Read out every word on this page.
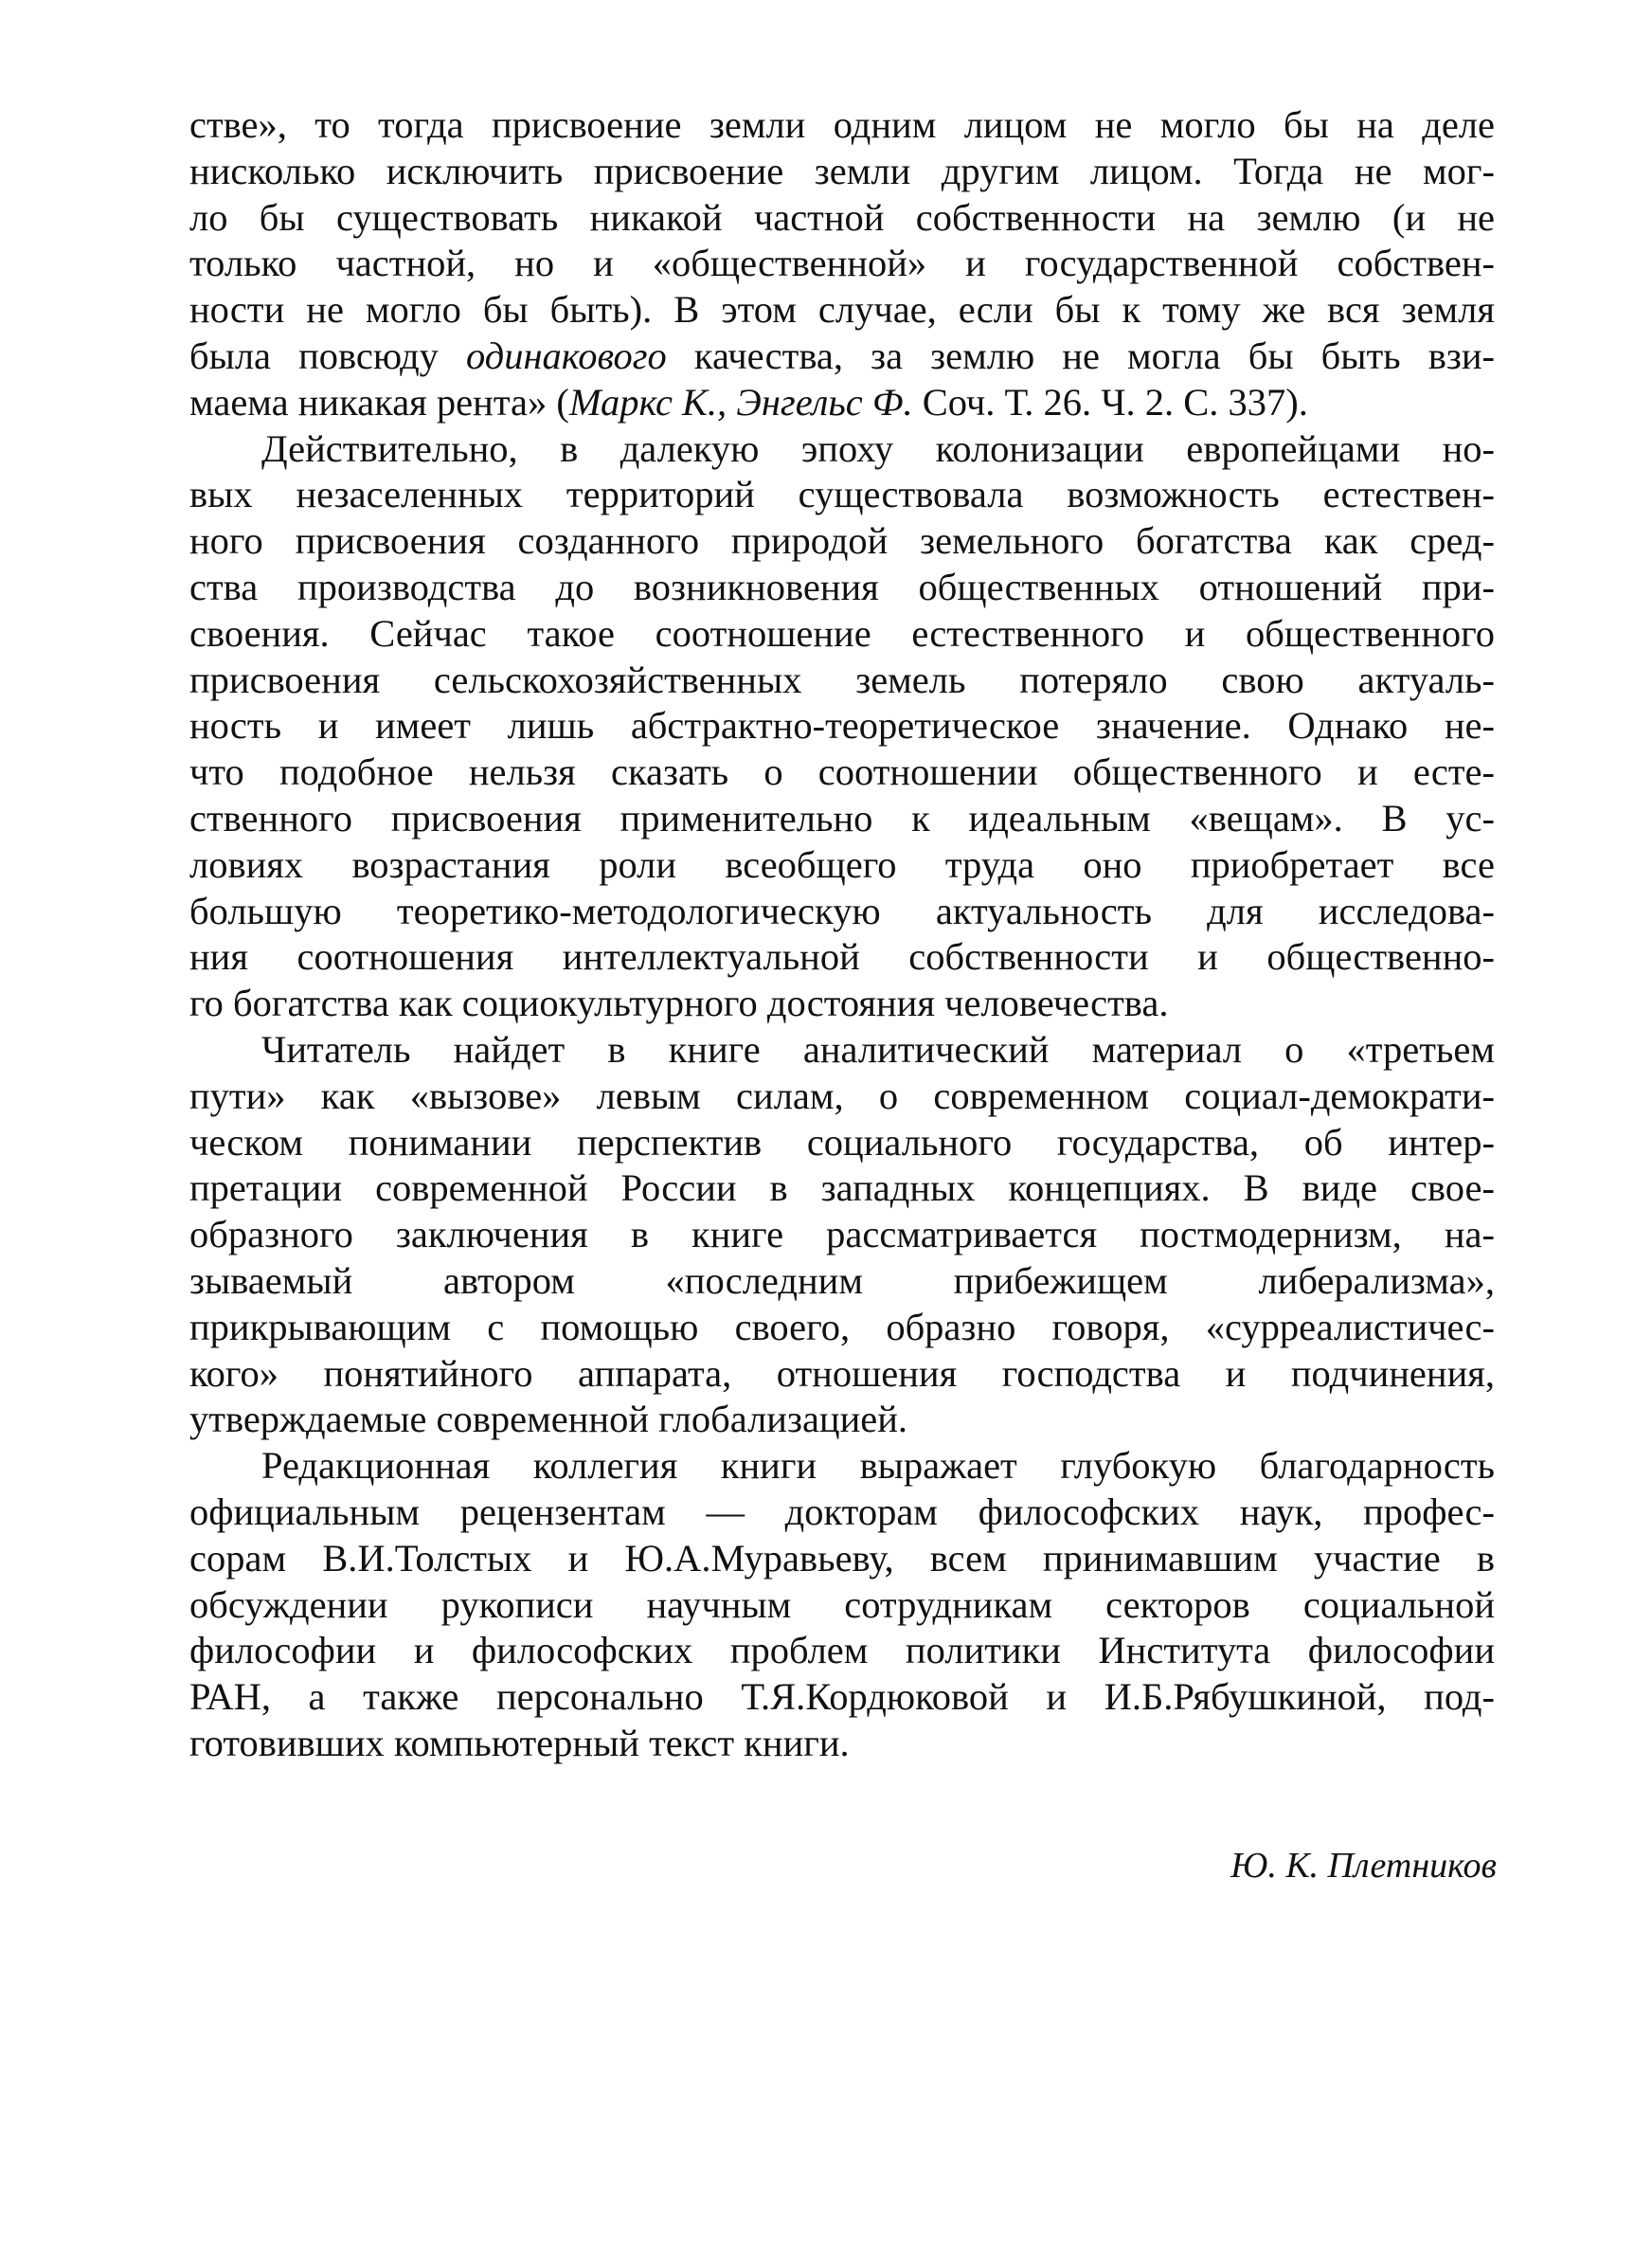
стве», то тогда присвоение земли одним лицом не могло бы на деле
нисколько исключить присвоение земли другим лицом. Тогда не мог-
ло бы существовать никакой частной собственности на землю (и не
только частной, но и «общественной» и государственной собствен-
ности не могло бы быть). В этом случае, если бы к тому же вся земля
была повсюду одинакового качества, за землю не могла бы быть взи-
маема никакая рента» (Маркс К., Энгельс Ф. Соч. Т. 26. Ч. 2. С. 337).
Действительно, в далекую эпоху колонизации европейцами но-
вых незаселенных территорий существовала возможность естествен-
ного присвоения созданного природой земельного богатства как сред-
ства производства до возникновения общественных отношений при-
своения. Сейчас такое соотношение естественного и общественного
присвоения сельскохозяйственных земель потеряло свою актуаль-
ность и имеет лишь абстрактно-теоретическое значение. Однако не-
что подобное нельзя сказать о соотношении общественного и есте-
ственного присвоения применительно к идеальным «вещам». В ус-
ловиях возрастания роли всеобщего труда оно приобретает все
большую теоретико-методологическую актуальность для исследова-
ния соотношения интеллектуальной собственности и общественно-
го богатства как социокультурного достояния человечества.
Читатель найдет в книге аналитический материал о «третьем
пути» как «вызове» левым силам, о современном социал-демократи-
ческом понимании перспектив социального государства, об интер-
претации современной России в западных концепциях. В виде свое-
образного заключения в книге рассматривается постмодернизм, на-
зываемый автором «последним прибежищем либерализма»,
прикрывающим с помощью своего, образно говоря, «сурреалистичес-
кого» понятийного аппарата, отношения господства и подчинения,
утверждаемые современной глобализацией.
Редакционная коллегия книги выражает глубокую благодарность
официальным рецензентам — докторам философских наук, профес-
сорам В.И.Толстых и Ю.А.Муравьеву, всем принимавшим участие в
обсуждении рукописи научным сотрудникам секторов социальной
философии и философских проблем политики Института философии
РАН, а также персонально Т.Я.Кордюковой и И.Б.Рябушкиной, под-
готовивших компьютерный текст книги.
Ю. К. Плетников
